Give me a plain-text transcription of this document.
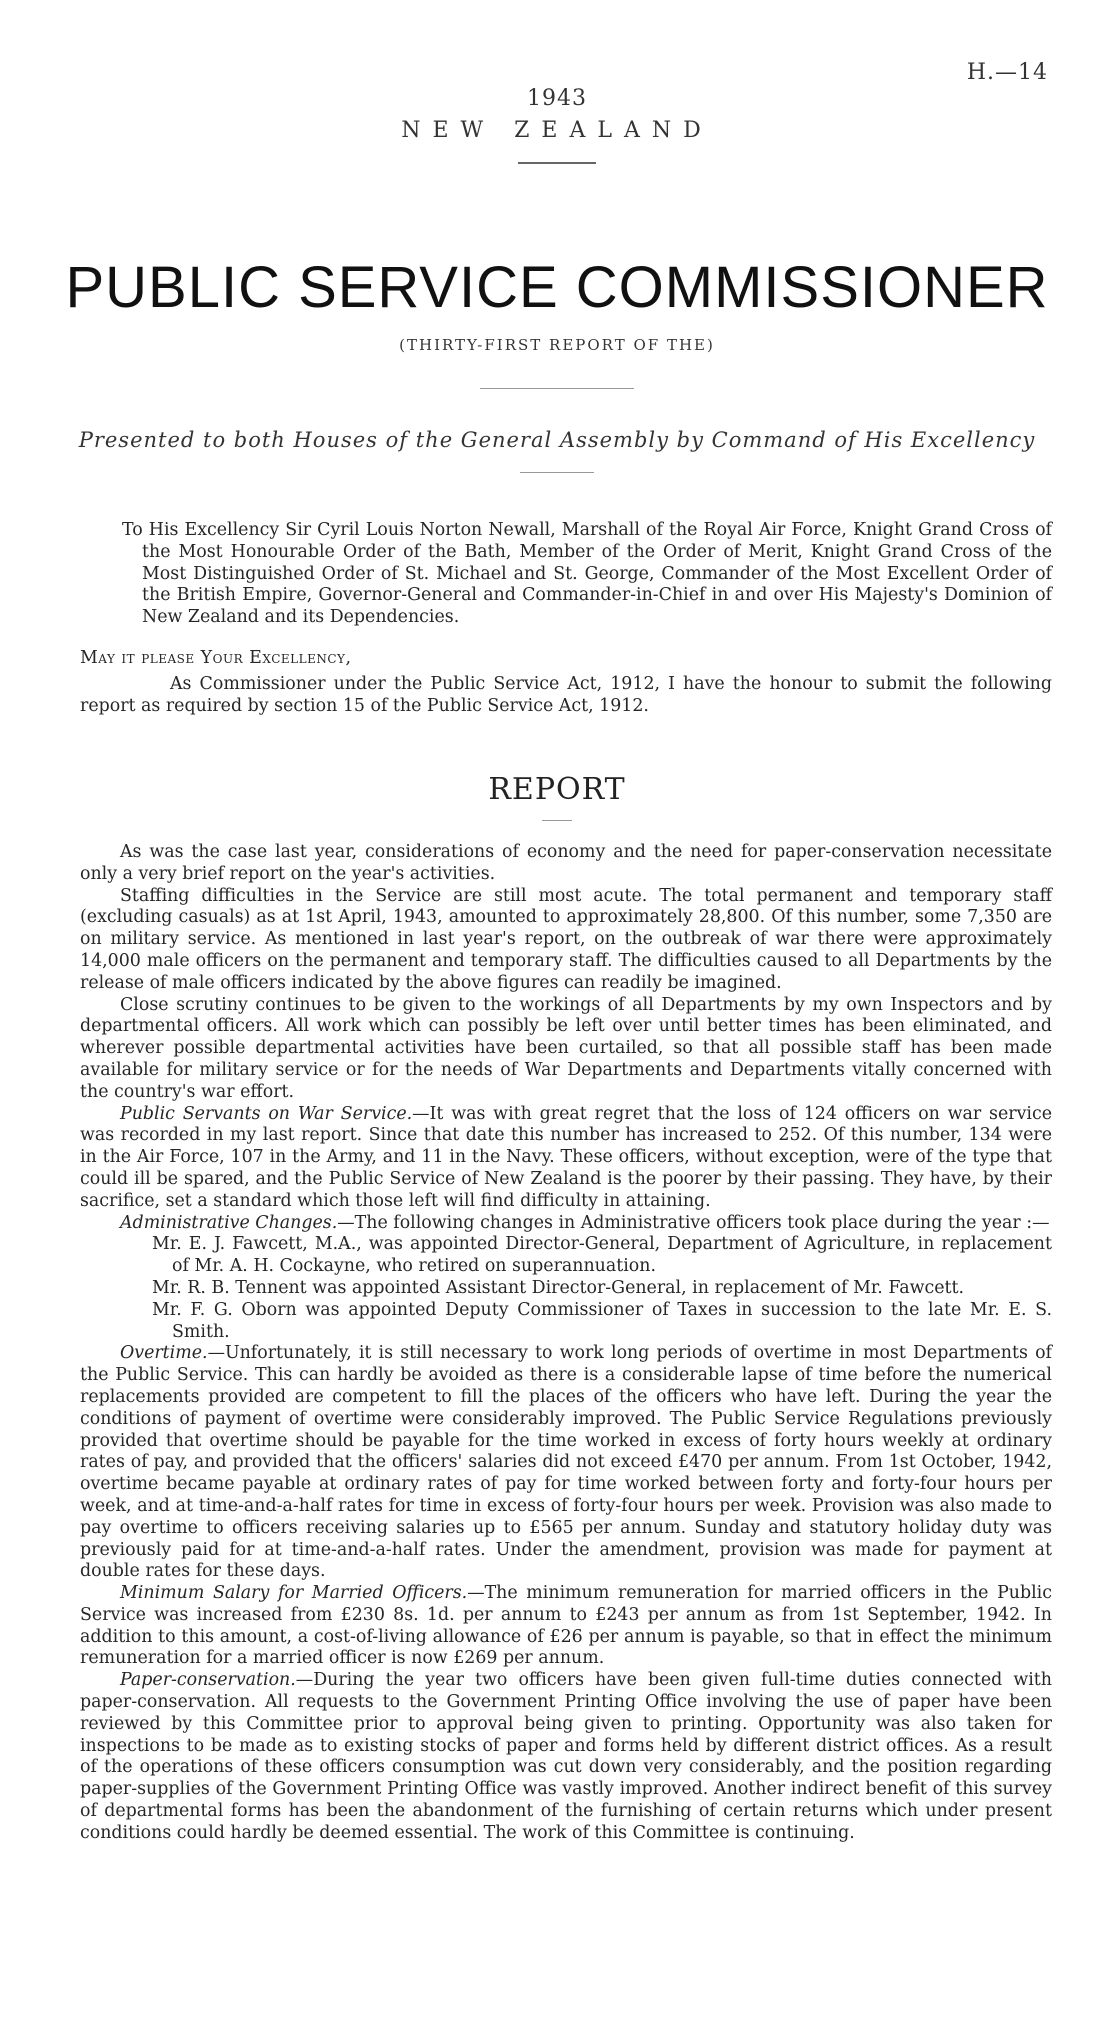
H.—14
1943
NEW ZEALAND
PUBLIC SERVICE COMMISSIONER
(THIRTY-FIRST REPORT OF THE)
Presented to both Houses of the General Assembly by Command of His Excellency
To His Excellency Sir Cyril Louis Norton Newall, Marshall of the Royal Air Force, Knight Grand Cross of the Most Honourable Order of the Bath, Member of the Order of Merit, Knight Grand Cross of the Most Distinguished Order of St. Michael and St. George, Commander of the Most Excellent Order of the British Empire, Governor-General and Commander-in-Chief in and over His Majesty's Dominion of New Zealand and its Dependencies.
May it please Your Excellency,
As Commissioner under the Public Service Act, 1912, I have the honour to submit the following report as required by section 15 of the Public Service Act, 1912.
REPORT

As was the case last year, considerations of economy and the need for paper-conservation necessitate only a very brief report on the year's activities.

Staffing difficulties in the Service are still most acute. The total permanent and temporary staff (excluding casuals) as at 1st April, 1943, amounted to approximately 28,800. Of this number, some 7,350 are on military service. As mentioned in last year's report, on the outbreak of war there were approximately 14,000 male officers on the permanent and temporary staff. The difficulties caused to all Departments by the release of male officers indicated by the above figures can readily be imagined.

Close scrutiny continues to be given to the workings of all Departments by my own Inspectors and by departmental officers. All work which can possibly be left over until better times has been eliminated, and wherever possible departmental activities have been curtailed, so that all possible staff has been made available for military service or for the needs of War Departments and Departments vitally concerned with the country's war effort.

Public Servants on War Service.—It was with great regret that the loss of 124 officers on war service was recorded in my last report. Since that date this number has increased to 252. Of this number, 134 were in the Air Force, 107 in the Army, and 11 in the Navy. These officers, without exception, were of the type that could ill be spared, and the Public Service of New Zealand is the poorer by their passing. They have, by their sacrifice, set a standard which those left will find difficulty in attaining.

Administrative Changes.—The following changes in Administrative officers took place during the year :—

Mr. E. J. Fawcett, M.A., was appointed Director-General, Department of Agriculture, in replacement of Mr. A. H. Cockayne, who retired on superannuation.

Mr. R. B. Tennent was appointed Assistant Director-General, in replacement of Mr. Fawcett.

Mr. F. G. Oborn was appointed Deputy Commissioner of Taxes in succession to the late Mr. E. S. Smith.

Overtime.—Unfortunately, it is still necessary to work long periods of overtime in most Departments of the Public Service. This can hardly be avoided as there is a considerable lapse of time before the numerical replacements provided are competent to fill the places of the officers who have left. During the year the conditions of payment of overtime were considerably improved. The Public Service Regulations previously provided that overtime should be payable for the time worked in excess of forty hours weekly at ordinary rates of pay, and provided that the officers' salaries did not exceed £470 per annum. From 1st October, 1942, overtime became payable at ordinary rates of pay for time worked between forty and forty-four hours per week, and at time-and-a-half rates for time in excess of forty-four hours per week. Provision was also made to pay overtime to officers receiving salaries up to £565 per annum. Sunday and statutory holiday duty was previously paid for at time-and-a-half rates. Under the amendment, provision was made for payment at double rates for these days.

Minimum Salary for Married Officers.—The minimum remuneration for married officers in the Public Service was increased from £230 8s. 1d. per annum to £243 per annum as from 1st September, 1942. In addition to this amount, a cost-of-living allowance of £26 per annum is payable, so that in effect the minimum remuneration for a married officer is now £269 per annum.

Paper-conservation.—During the year two officers have been given full-time duties connected with paper-conservation. All requests to the Government Printing Office involving the use of paper have been reviewed by this Committee prior to approval being given to printing. Opportunity was also taken for inspections to be made as to existing stocks of paper and forms held by different district offices. As a result of the operations of these officers consumption was cut down very considerably, and the position regarding paper-supplies of the Government Printing Office was vastly improved. Another indirect benefit of this survey of departmental forms has been the abandonment of the furnishing of certain returns which under present conditions could hardly be deemed essential. The work of this Committee is continuing.
